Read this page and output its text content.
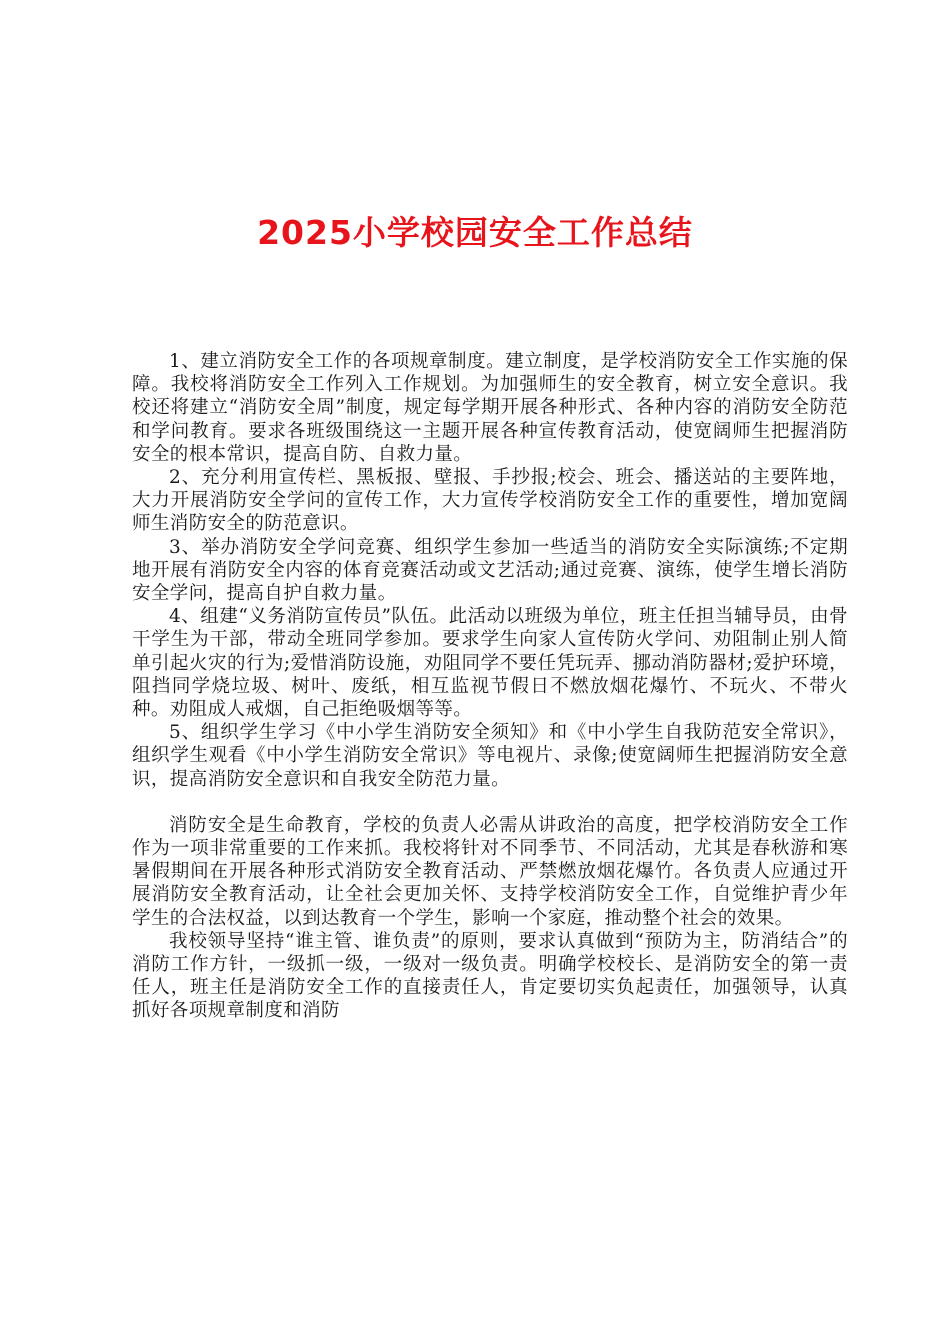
2025小学校园安全工作总结

1、建立消防安全工作的各项规章制度。建立制度，是学校消防安全工作实施的保障。我校将消防安全工作列入工作规划。为加强师生的安全教育，树立安全意识。我校还将建立“消防安全周”制度，规定每学期开展各种形式、各种内容的消防安全防范和学问教育。要求各班级围绕这一主题开展各种宣传教育活动，使宽阔师生把握消防安全的根本常识，提高自防、自救力量。

2、充分利用宣传栏、黑板报、壁报、手抄报;校会、班会、播送站的主要阵地，大力开展消防安全学问的宣传工作，大力宣传学校消防安全工作的重要性，增加宽阔师生消防安全的防范意识。

3、举办消防安全学问竞赛、组织学生参加一些适当的消防安全实际演练;不定期地开展有消防安全内容的体育竞赛活动或文艺活动;通过竞赛、演练，使学生增长消防安全学问，提高自护自救力量。

4、组建“义务消防宣传员”队伍。此活动以班级为单位，班主任担当辅导员，由骨干学生为干部，带动全班同学参加。要求学生向家人宣传防火学问、劝阻制止别人简单引起火灾的行为;爱惜消防设施，劝阻同学不要任凭玩弄、挪动消防器材;爱护环境，阻挡同学烧垃圾、树叶、废纸，相互监视节假日不燃放烟花爆竹、不玩火、不带火种。劝阻成人戒烟，自己拒绝吸烟等等。

5、组织学生学习《中小学生消防安全须知》和《中小学生自我防范安全常识》，组织学生观看《中小学生消防安全常识》等电视片、录像;使宽阔师生把握消防安全意识，提高消防安全意识和自我安全防范力量。

消防安全是生命教育，学校的负责人必需从讲政治的高度，把学校消防安全工作作为一项非常重要的工作来抓。我校将针对不同季节、不同活动，尤其是春秋游和寒暑假期间在开展各种形式消防安全教育活动、严禁燃放烟花爆竹。各负责人应通过开展消防安全教育活动，让全社会更加关怀、支持学校消防安全工作，自觉维护青少年学生的合法权益，以到达教育一个学生，影响一个家庭，推动整个社会的效果。

我校领导坚持“谁主管、谁负责”的原则，要求认真做到“预防为主，防消结合”的消防工作方针，一级抓一级，一级对一级负责。明确学校校长、是消防安全的第一责任人，班主任是消防安全工作的直接责任人，肯定要切实负起责任，加强领导，认真抓好各项规章制度和消防
